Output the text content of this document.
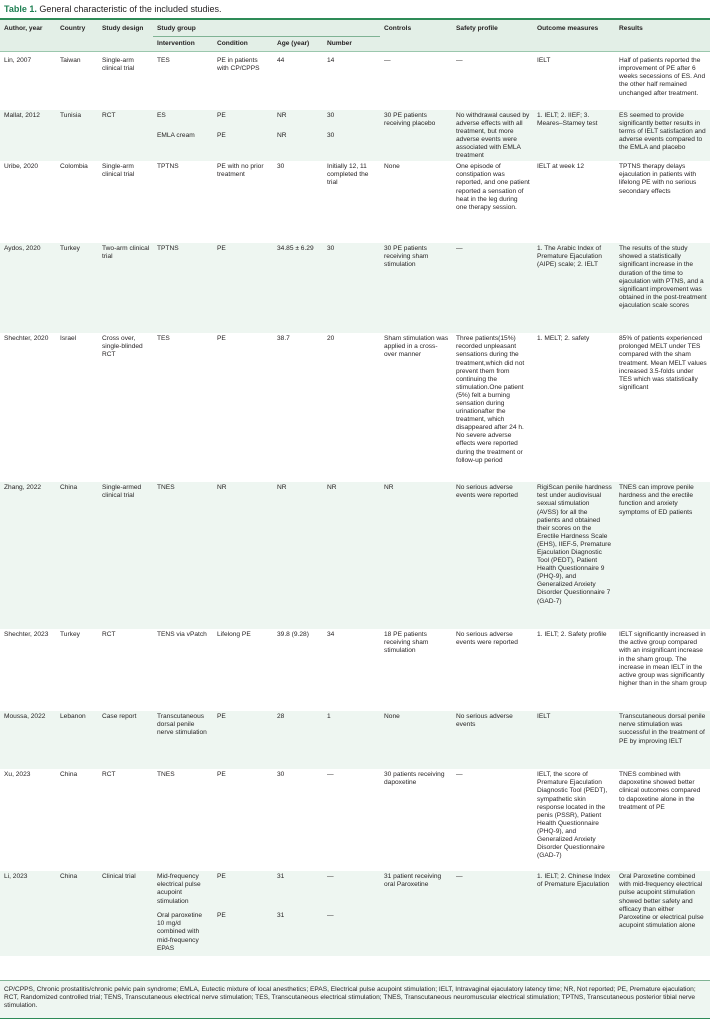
Table 1. General characteristic of the included studies.
Author, year	Country	Study design	Study group				Controls	Safety profile	Outcome measures	Results
			Intervention	Condition	Age (year)	Number				
Lin, 2007	Taiwan	Single-arm clinical trial	TES	PE in patients with CP/CPPS	44	14	—	—	IELT	Half of patients reported the improvement of PE after 6 weeks secessions of ES. And the other half remained unchanged after treatment.
Mallat, 2012	Tunisia	RCT	ES	PE	NR	30	30 PE patients receiving placebo	No withdrawal caused by adverse effects with all treatment, but more adverse events were associated with EMLA treatment	1. IELT; 2. IIEF; 3. Meares–Stamey test	ES seemed to provide significantly better results in terms of IELT satisfaction and adverse events compared to the EMLA and placebo
			EMLA cream	PE	NR	30				
Uribe, 2020	Colombia	Single-arm clinical trial	TPTNS	PE with no prior treatment	30	Initially 12, 11 completed the trial	None	One episode of constipation was reported, and one patient reported a sensation of heat in the leg during one therapy session.	IELT at week 12	TPTNS therapy delays ejaculation in patients with lifelong PE with no serious secondary effects
Aydos, 2020	Turkey	Two-arm clinical trial	TPTNS	PE	34.85 ± 6.29	30	30 PE patients receiving sham stimulation	—	1. The Arabic Index of Premature Ejaculation (AIPE) scale; 2. IELT	The results of the study showed a statistically significant increase in the duration of the time to ejaculation with PTNS, and a significant improvement was obtained in the post-treatment ejaculation scale scores
Shechter, 2020	Israel	Cross over, single-blinded RCT	TES	PE	38.7	20	Sham stimulation was applied in a cross-over manner	Three patients(15%) recorded unpleasant sensations during the treatment,which did not prevent them from continuing the stimulation.One patient (5%) felt a burning sensation during urinationafter the treatment, which disappeared after 24 h. No severe adverse effects were reported during the treatment or follow-up period	1. MELT; 2. safety	85% of patients experienced prolonged MELT under TES compared with the sham treatment. Mean MELT values increased 3.5-folds under TES which was statistically significant
Zhang, 2022	China	Single-armed clinical trial	TNES	NR	NR	NR	NR	No serious adverse events were reported	RigiScan penile hardness test under audiovisual sexual stimulation (AVSS) for all the patients and obtained their scores on the Erectile Hardness Scale (EHS), IIEF-5, Premature Ejaculation Diagnostic Tool (PEDT), Patient Health Questionnaire 9 (PHQ-9), and Generalized Anxiety Disorder Questionnaire 7 (GAD-7)	TNES can improve penile hardness and the erectile function and anxiety symptoms of ED patients
Shechter, 2023	Turkey	RCT	TENS via vPatch	Lifelong PE	39.8 (9.28)	34	18 PE patients receiving sham stimulation	No serious adverse events were reported	1. IELT; 2. Safety profile	IELT significantly increased in the active group compared with an insignificant increase in the sham group. The increase in mean IELT in the active group was significantly higher than in the sham group
Moussa, 2022	Lebanon	Case report	Transcutaneous dorsal penile nerve stimulation	PE	28	1	None	No serious adverse events	IELT	Transcutaneous dorsal penile nerve stimulation was successful in the treatment of PE by improving IELT
Xu, 2023	China	RCT	TNES	PE	30	—	30 patients receiving dapoxetine	—	IELT, the score of Premature Ejaculation Diagnostic Tool (PEDT), sympathetic skin response located in the penis (PSSR), Patient Health Questionnaire (PHQ-9), and Generalized Anxiety Disorder Questionnaire (GAD-7)	TNES combined with dapoxetine showed better clinical outcomes compared to dapoxetine alone in the treatment of PE
Li, 2023	China	Clinical trial	Mid-frequency electrical pulse acupoint stimulation	PE	31	—	31 patient receiving oral Paroxetine	—	1. IELT; 2. Chinese Index of Premature Ejaculation	Oral Paroxetine combined with mid-frequency electrical pulse acupoint stimulation showed better safety and efficacy than either Paroxetine or electrical pulse acupoint stimulation alone
			Oral paroxetine 10 mg/d combined with mid-frequency EPAS	PE	31	—				
CP/CPPS, Chronic prostatitis/chronic pelvic pain syndrome; EMLA, Eutectic mixture of local anesthetics; EPAS, Electrical pulse acupoint stimulation; IELT, Intravaginal ejaculatory latency time; NR, Not reported; PE, Premature ejaculation; RCT, Randomized controlled trial; TENS, Transcutaneous electrical nerve stimulation; TES, Transcutaneous electrical stimulation; TNES, Transcutaneous neuromuscular electrical stimulation; TPTNS, Transcutaneous posterior tibial nerve stimulation.
